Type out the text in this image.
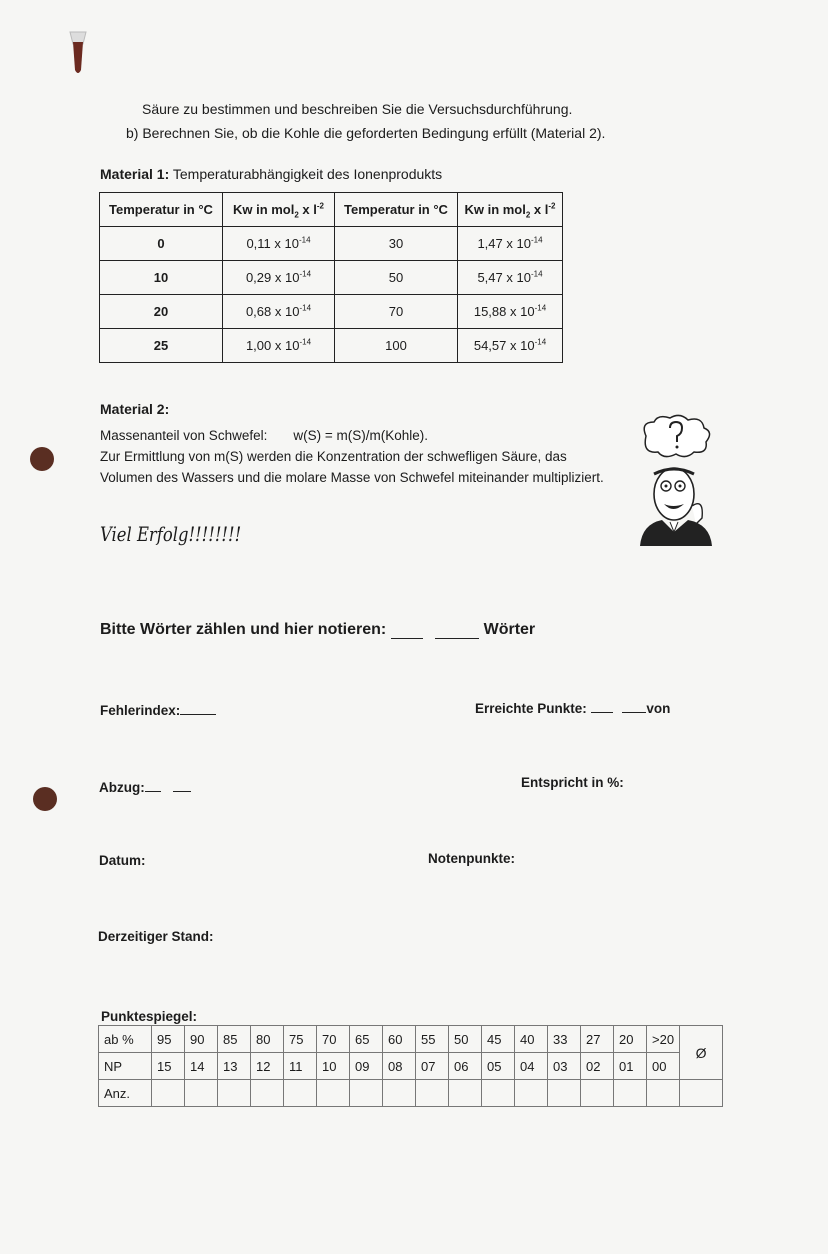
Säure zu bestimmen und beschreiben Sie die Versuchsdurchführung.
b) Berechnen Sie, ob die Kohle die geforderten Bedingung erfüllt (Material 2).
Material 1: Temperaturabhängigkeit des Ionenprodukts
Temperatur in °C	Kw in mol$_2$ x $l^{-2}$	Temperatur in °C	Kw in mol$_2$ x $l^{-2}$
0	0,11 x $10^{-14}$	30	1,47 x $10^{-14}$
10	0,29 x $10^{-14}$	50	5,47 x $10^{-14}$
20	0,68 x $10^{-14}$	70	15,88 x $10^{-14}$
25	1,00 x $10^{-14}$	100	54,57 x $10^{-14}$
Material 2:
Massenanteil von Schwefel: w(S) = m(S)/m(Kohle).
Zur Ermittlung von m(S) werden die Konzentration der schwefligen Säure, das
Volumen des Wassers und die molare Masse von Schwefel miteinander multipliziert.
Viel Erfolg!!!!!!!!
Bitte Wörter zählen und hier notieren:	Wörter
Fehlerindex:	Erreichte Punkte:	von
Abzug:	Entspricht in %:
Datum:	Notenpunkte:
Derzeitiger Stand:
Punktespiegel:
ab %	95	90	85	80	75	70	65	60	55	50	45	40	33	27	20	>20	Ø
NP	15	14	13	12	11	10	09	08	07	06	05	04	03	02	01	00	
Anz.																	
